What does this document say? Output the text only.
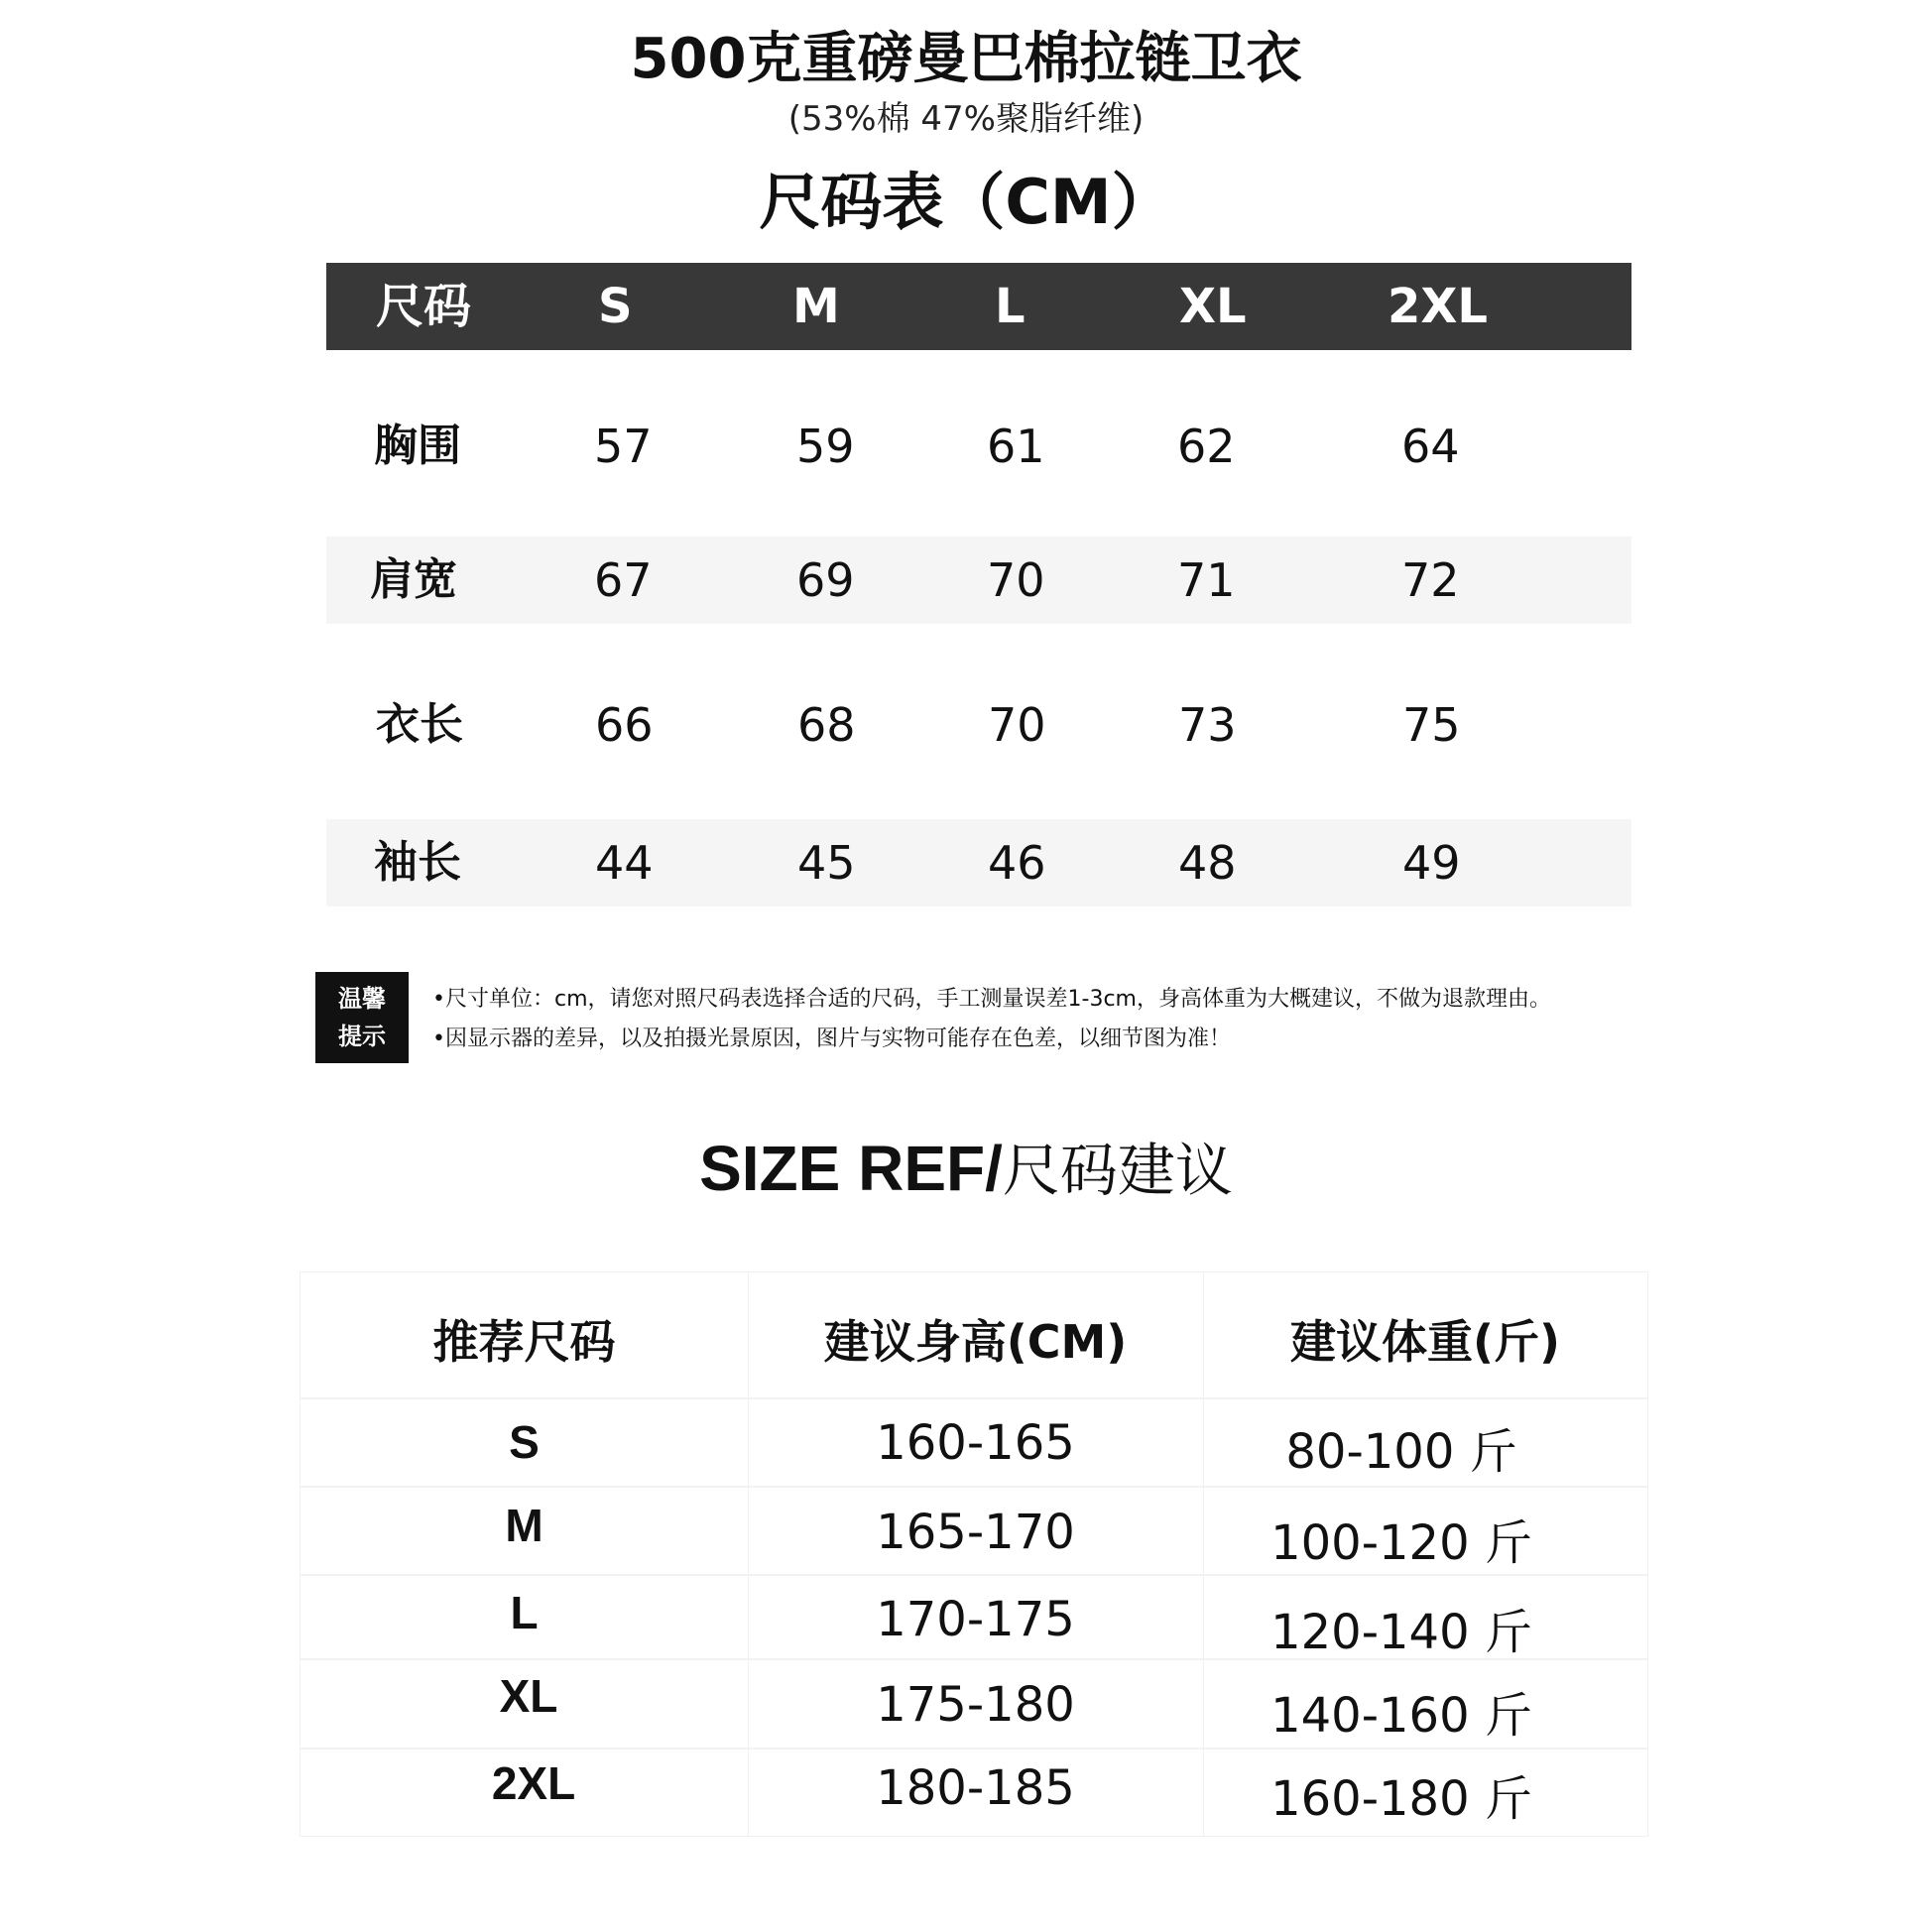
500克重磅曼巴棉拉链卫衣
(53%棉 47%聚脂纤维)
尺码表（CM）
尺码	S	M	L	XL	2XL
胸围	57	59	61	62	64
肩宽	67	69	70	71	72
衣长	66	68	70	73	75
袖长	44	45	46	48	49
温馨
提示
•尺寸单位：cm，请您对照尺码表选择合适的尺码，手工测量误差1-3cm，身高体重为大概建议，不做为退款理由。
•因显示器的差异，以及拍摄光景原因，图片与实物可能存在色差，以细节图为准！
SIZE REF/尺码建议
推荐尺码	建议身高(CM)	建议体重(斤)
S	160-165	80-100 斤
M	165-170	100-120 斤
L	170-175	120-140 斤
XL	175-180	140-160 斤
2XL	180-185	160-180 斤
